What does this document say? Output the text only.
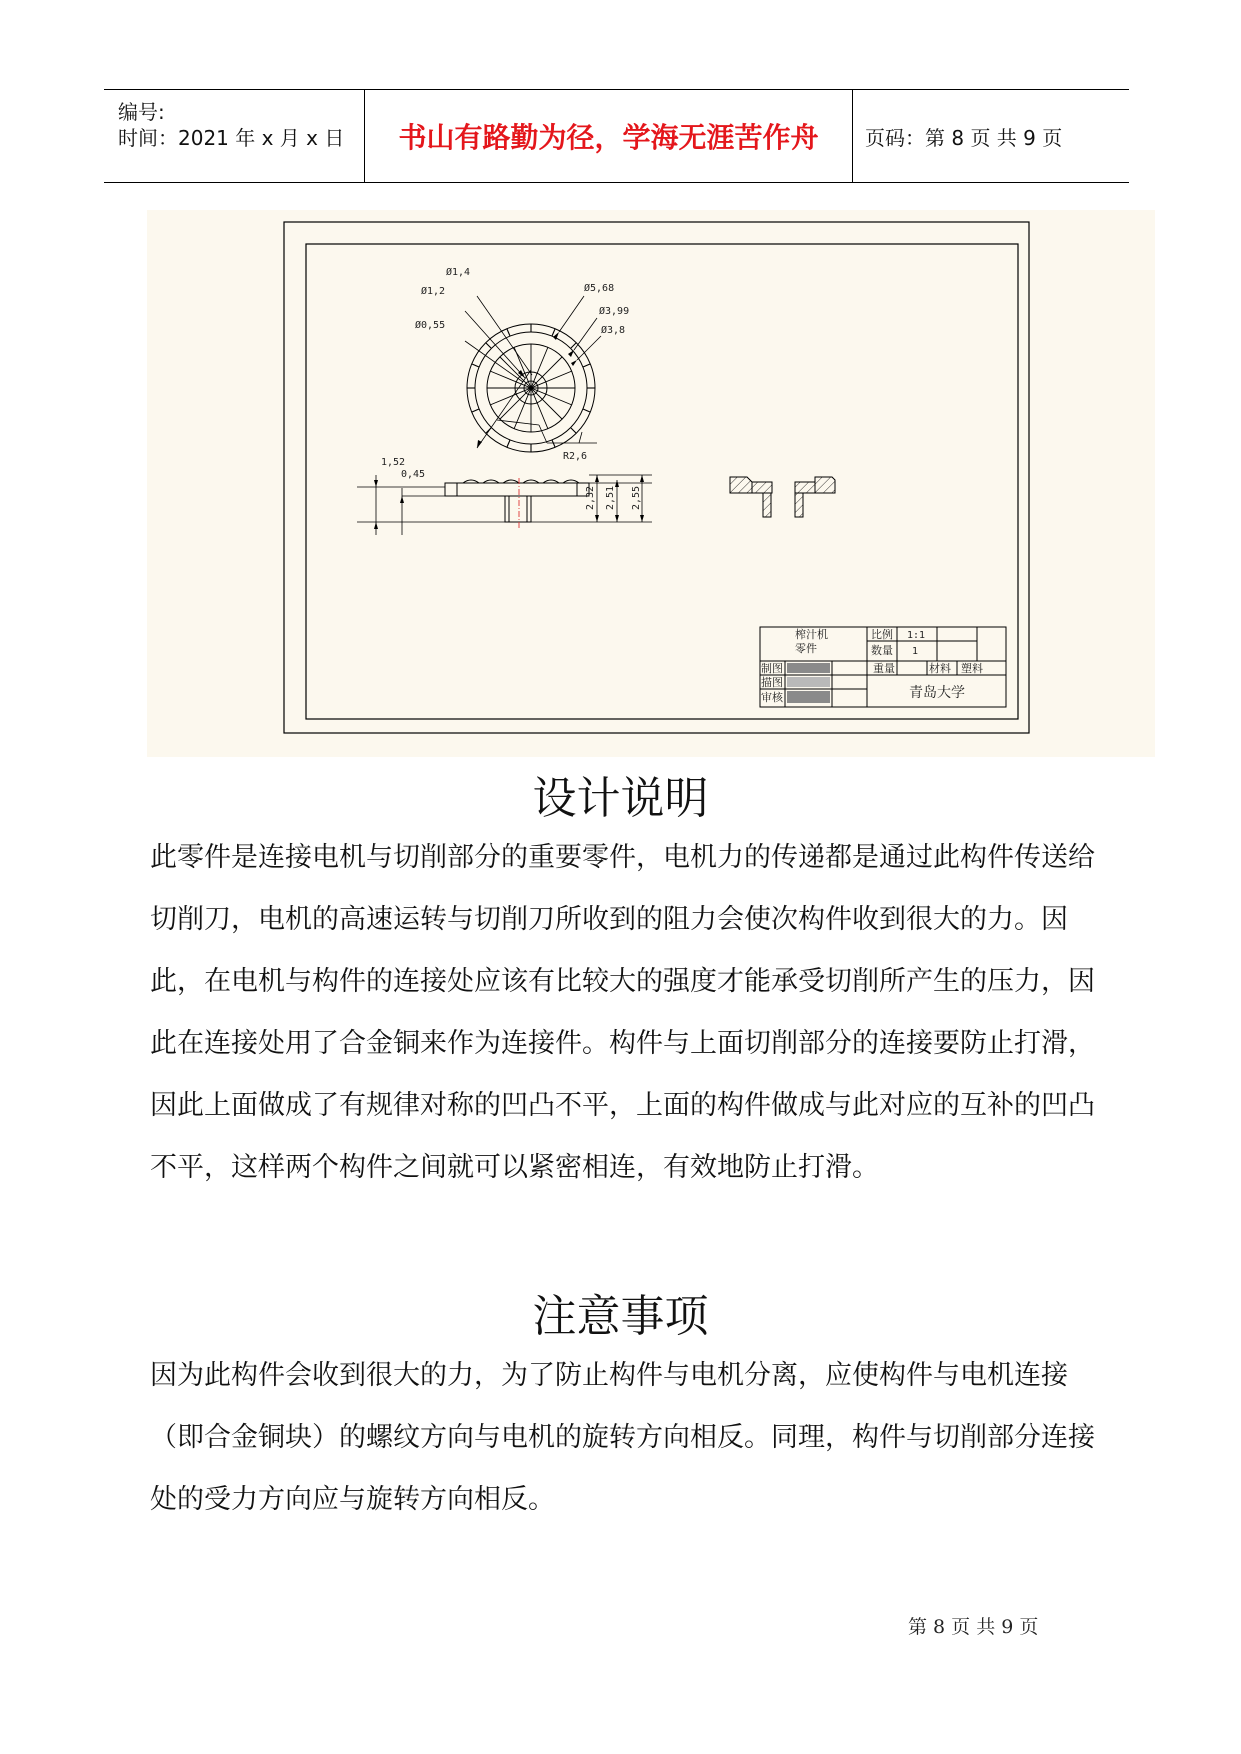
编号:
时间：2021 年 x 月 x 日	书山有路勤为径，学海无涯苦作舟	页码：第 8 页 共 9 页
Ø1,4
Ø1,2
Ø0,55
Ø5,68
Ø3,99
Ø3,8
R2,6
1,52
0,45
2,32 2,51 2,55
榨汁机
零件
比例 1:1
数量 1
制图
描图
审核
重量	材料 塑料
青岛大学
设计说明

此零件是连接电机与切削部分的重要零件，电机力的传递都是通过此构件传送给切削刀，电机的高速运转与切削刀所收到的阻力会使次构件收到很大的力。因此，在电机与构件的连接处应该有比较大的强度才能承受切削所产生的压力，因此在连接处用了合金铜来作为连接件。构件与上面切削部分的连接要防止打滑，因此上面做成了有规律对称的凹凸不平，上面的构件做成与此对应的互补的凹凸不平，这样两个构件之间就可以紧密相连，有效地防止打滑。

注意事项

因为此构件会收到很大的力，为了防止构件与电机分离，应使构件与电机连接（即合金铜块）的螺纹方向与电机的旋转方向相反。同理，构件与切削部分连接处的受力方向应与旋转方向相反。

第 8 页 共 9 页
